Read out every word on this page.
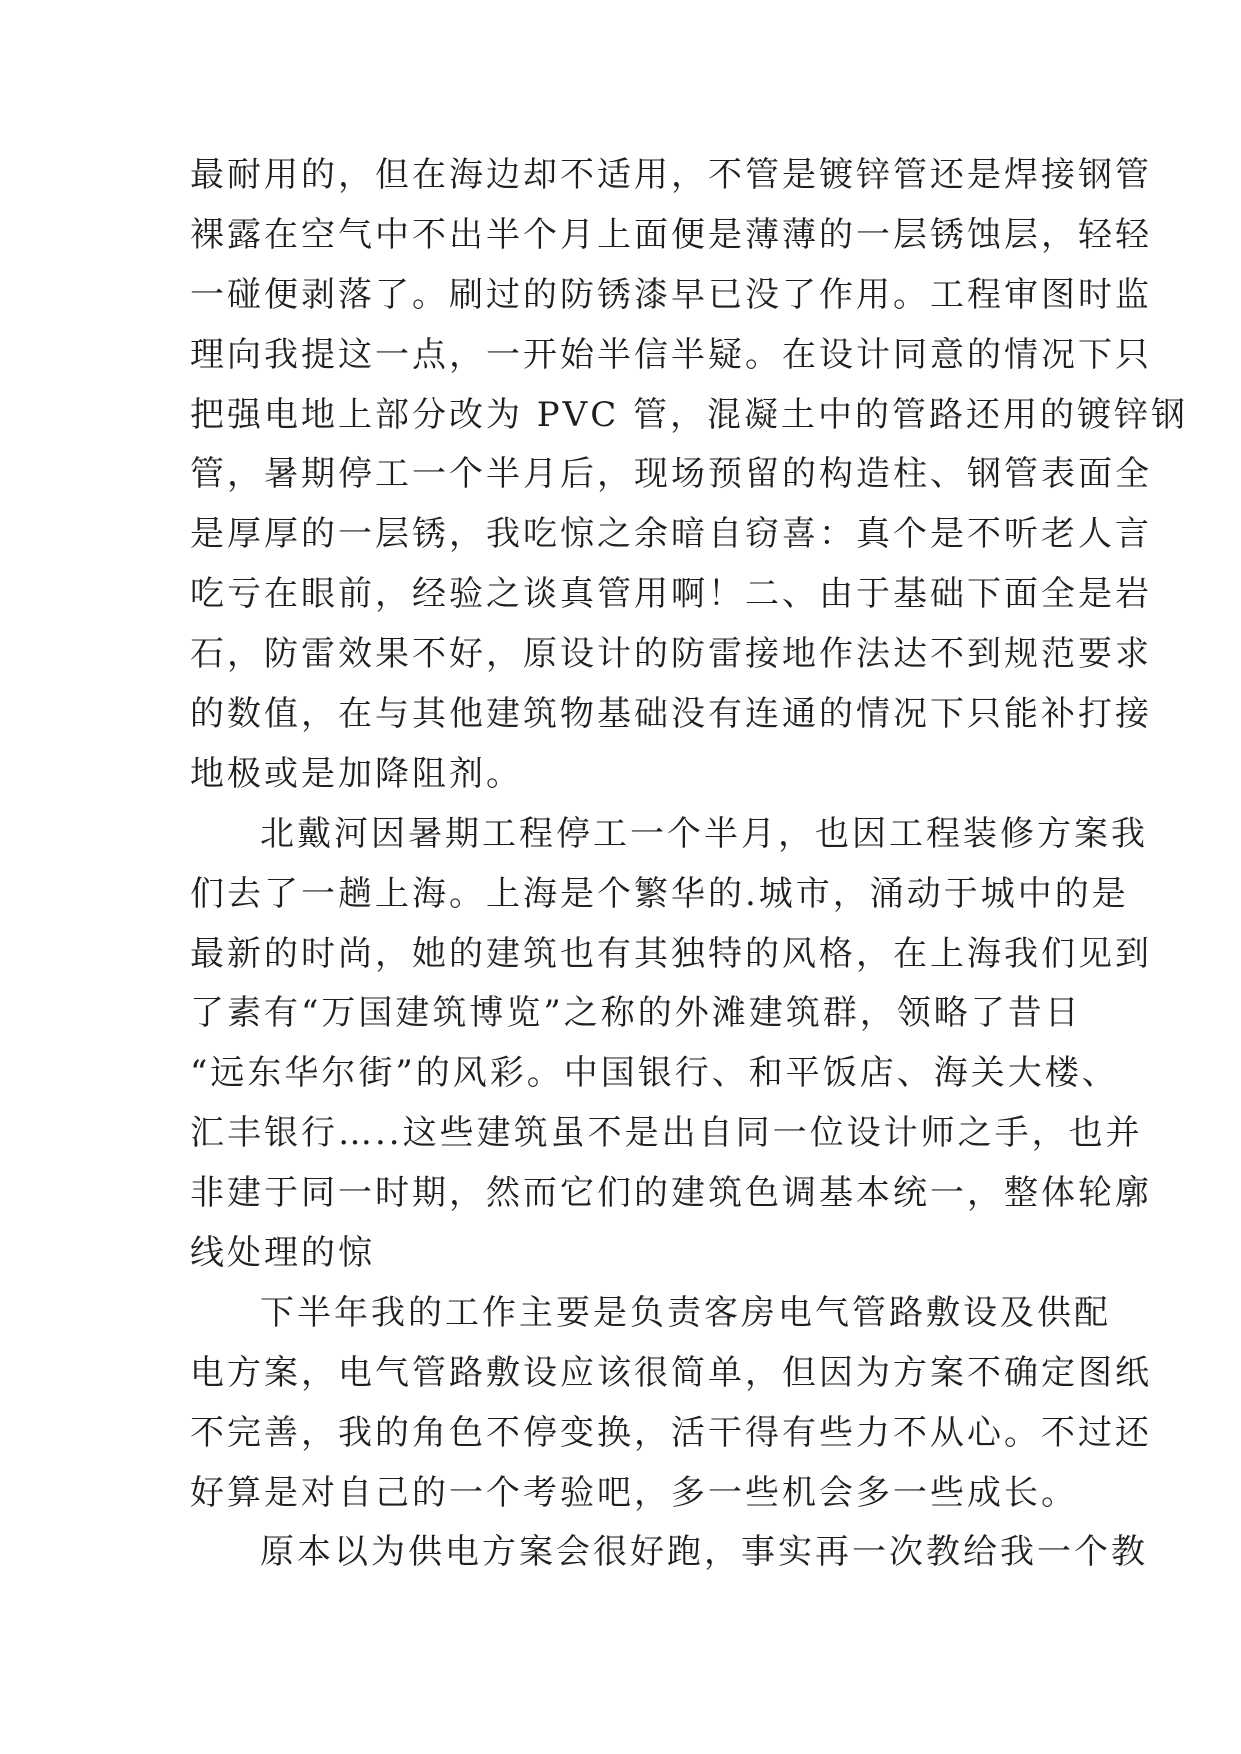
最耐用的，但在海边却不适用，不管是镀锌管还是焊接钢管
裸露在空气中不出半个月上面便是薄薄的一层锈蚀层，轻轻
一碰便剥落了。刷过的防锈漆早已没了作用。工程审图时监
理向我提这一点，一开始半信半疑。在设计同意的情况下只
把强电地上部分改为 PVC 管，混凝土中的管路还用的镀锌钢
管，暑期停工一个半月后，现场预留的构造柱、钢管表面全
是厚厚的一层锈，我吃惊之余暗自窃喜：真个是不听老人言
吃亏在眼前，经验之谈真管用啊！二、由于基础下面全是岩
石，防雷效果不好，原设计的防雷接地作法达不到规范要求
的数值，在与其他建筑物基础没有连通的情况下只能补打接
地极或是加降阻剂。
北戴河因暑期工程停工一个半月，也因工程装修方案我
们去了一趟上海。上海是个繁华的.城市，涌动于城中的是
最新的时尚，她的建筑也有其独特的风格，在上海我们见到
了素有“万国建筑博览”之称的外滩建筑群，领略了昔日
“远东华尔街”的风彩。中国银行、和平饭店、海关大楼、
汇丰银行…..这些建筑虽不是出自同一位设计师之手，也并
非建于同一时期，然而它们的建筑色调基本统一，整体轮廓
线处理的惊
下半年我的工作主要是负责客房电气管路敷设及供配
电方案，电气管路敷设应该很简单，但因为方案不确定图纸
不完善，我的角色不停变换，活干得有些力不从心。不过还
好算是对自己的一个考验吧，多一些机会多一些成长。
原本以为供电方案会很好跑，事实再一次教给我一个教
